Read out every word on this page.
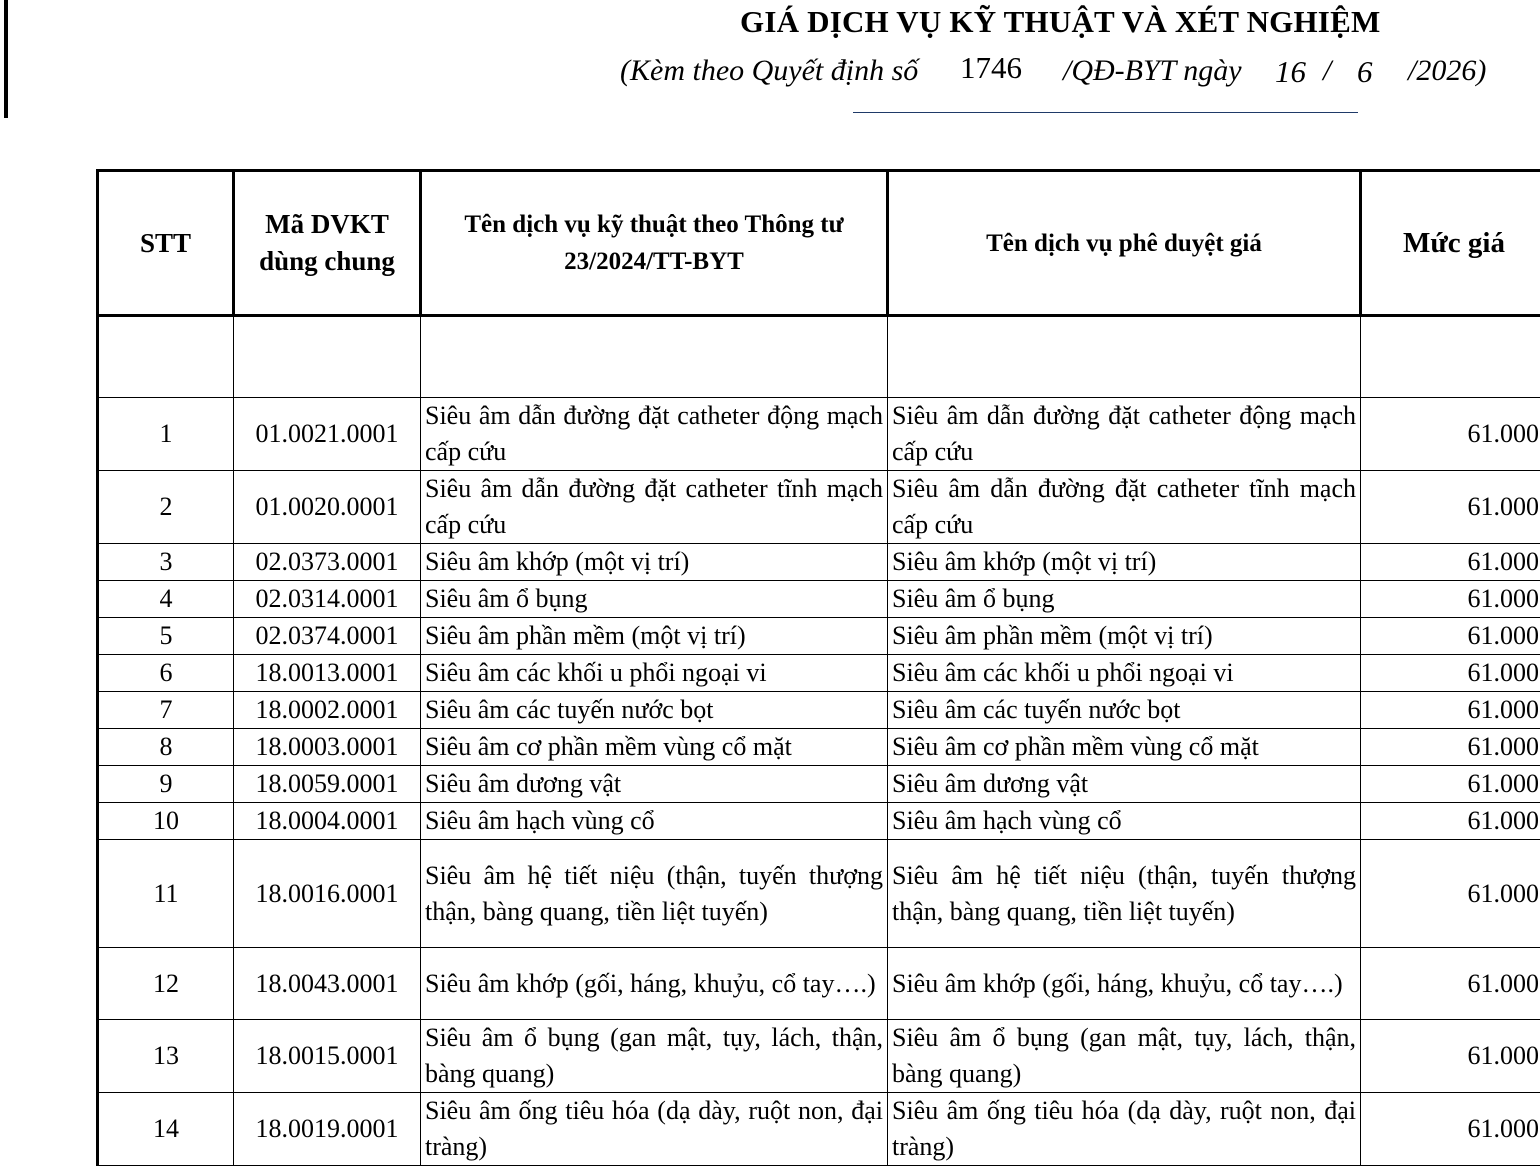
GIÁ DỊCH VỤ KỸ THUẬT VÀ XÉT NGHIỆM
(Kèm theo Quyết định số 1746 /QĐ-BYT ngày 16 / 6 /2026)
STT	Mã DVKT dùng chung	Tên dịch vụ kỹ thuật theo Thông tư 23/2024/TT-BYT	Tên dịch vụ phê duyệt giá	Mức giá

1	01.0021.0001	Siêu âm dẫn đường đặt catheter động mạch cấp cứu	Siêu âm dẫn đường đặt catheter động mạch cấp cứu	61.000
2	01.0020.0001	Siêu âm dẫn đường đặt catheter tĩnh mạch cấp cứu	Siêu âm dẫn đường đặt catheter tĩnh mạch cấp cứu	61.000
3	02.0373.0001	Siêu âm khớp (một vị trí)	Siêu âm khớp (một vị trí)	61.000
4	02.0314.0001	Siêu âm ổ bụng	Siêu âm ổ bụng	61.000
5	02.0374.0001	Siêu âm phần mềm (một vị trí)	Siêu âm phần mềm (một vị trí)	61.000
6	18.0013.0001	Siêu âm các khối u phổi ngoại vi	Siêu âm các khối u phổi ngoại vi	61.000
7	18.0002.0001	Siêu âm các tuyến nước bọt	Siêu âm các tuyến nước bọt	61.000
8	18.0003.0001	Siêu âm cơ phần mềm vùng cổ mặt	Siêu âm cơ phần mềm vùng cổ mặt	61.000
9	18.0059.0001	Siêu âm dương vật	Siêu âm dương vật	61.000
10	18.0004.0001	Siêu âm hạch vùng cổ	Siêu âm hạch vùng cổ	61.000
11	18.0016.0001	Siêu âm hệ tiết niệu (thận, tuyến thượng thận, bàng quang, tiền liệt tuyến)	Siêu âm hệ tiết niệu (thận, tuyến thượng thận, bàng quang, tiền liệt tuyến)	61.000
12	18.0043.0001	Siêu âm khớp (gối, háng, khuỷu, cổ tay….)	Siêu âm khớp (gối, háng, khuỷu, cổ tay….)	61.000
13	18.0015.0001	Siêu âm ổ bụng (gan mật, tụy, lách, thận, bàng quang)	Siêu âm ổ bụng (gan mật, tụy, lách, thận, bàng quang)	61.000
14	18.0019.0001	Siêu âm ống tiêu hóa (dạ dày, ruột non, đại tràng)	Siêu âm ống tiêu hóa (dạ dày, ruột non, đại tràng)	61.000
